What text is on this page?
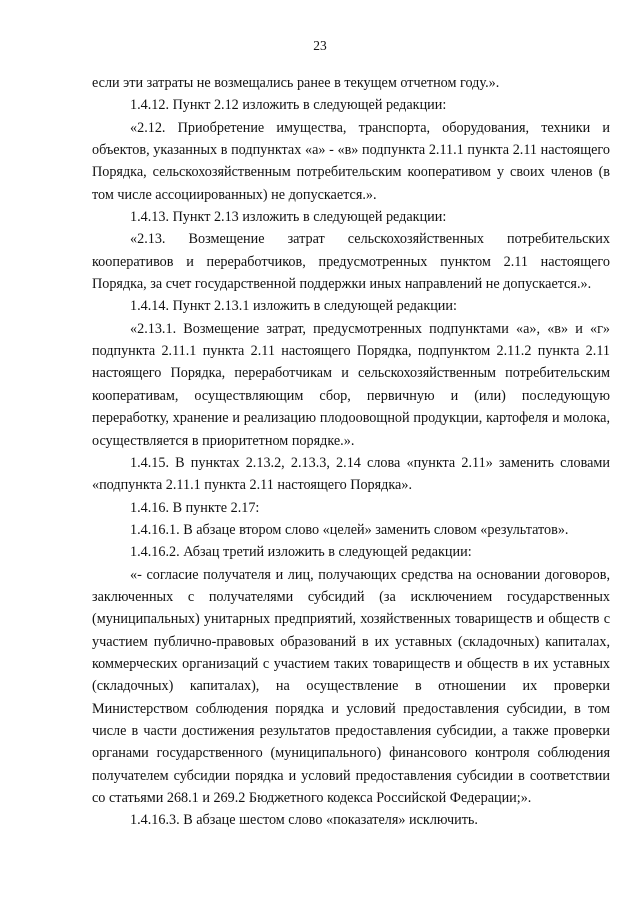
23

если эти затраты не возмещались ранее в текущем отчетном году.».

1.4.12. Пункт 2.12 изложить в следующей редакции:

«2.12. Приобретение имущества, транспорта, оборудования, техники и объектов, указанных в подпунктах «а» - «в» подпункта 2.11.1 пункта 2.11 настоящего Порядка, сельскохозяйственным потребительским кооперативом у своих членов (в том числе ассоциированных) не допускается.».

1.4.13. Пункт 2.13 изложить в следующей редакции:

«2.13. Возмещение затрат сельскохозяйственных потребительских кооперативов и переработчиков, предусмотренных пунктом 2.11 настоящего Порядка, за счет государственной поддержки иных направлений не допускается.».

1.4.14. Пункт 2.13.1 изложить в следующей редакции:

«2.13.1. Возмещение затрат, предусмотренных подпунктами «а», «в» и «г» подпункта 2.11.1 пункта 2.11 настоящего Порядка, подпунктом 2.11.2 пункта 2.11 настоящего Порядка, переработчикам и сельскохозяйственным потребительским кооперативам, осуществляющим сбор, первичную и (или) последующую переработку, хранение и реализацию плодоовощной продукции, картофеля и молока, осуществляется в приоритетном порядке.».

1.4.15. В пунктах 2.13.2, 2.13.3, 2.14 слова «пункта 2.11» заменить словами «подпункта 2.11.1 пункта 2.11 настоящего Порядка».

1.4.16. В пункте 2.17:

1.4.16.1. В абзаце втором слово «целей» заменить словом «результатов».

1.4.16.2. Абзац третий изложить в следующей редакции:

«- согласие получателя и лиц, получающих средства на основании договоров, заключенных с получателями субсидий (за исключением государственных (муниципальных) унитарных предприятий, хозяйственных товариществ и обществ с участием публично-правовых образований в их уставных (складочных) капиталах, коммерческих организаций с участием таких товариществ и обществ в их уставных (складочных) капиталах), на осуществление в отношении их проверки Министерством соблюдения порядка и условий предоставления субсидии, в том числе в части достижения результатов предоставления субсидии, а также проверки органами государственного (муниципального) финансового контроля соблюдения получателем субсидии порядка и условий предоставления субсидии в соответствии со статьями 268.1 и 269.2 Бюджетного кодекса Российской Федерации;».

1.4.16.3. В абзаце шестом слово «показателя» исключить.
